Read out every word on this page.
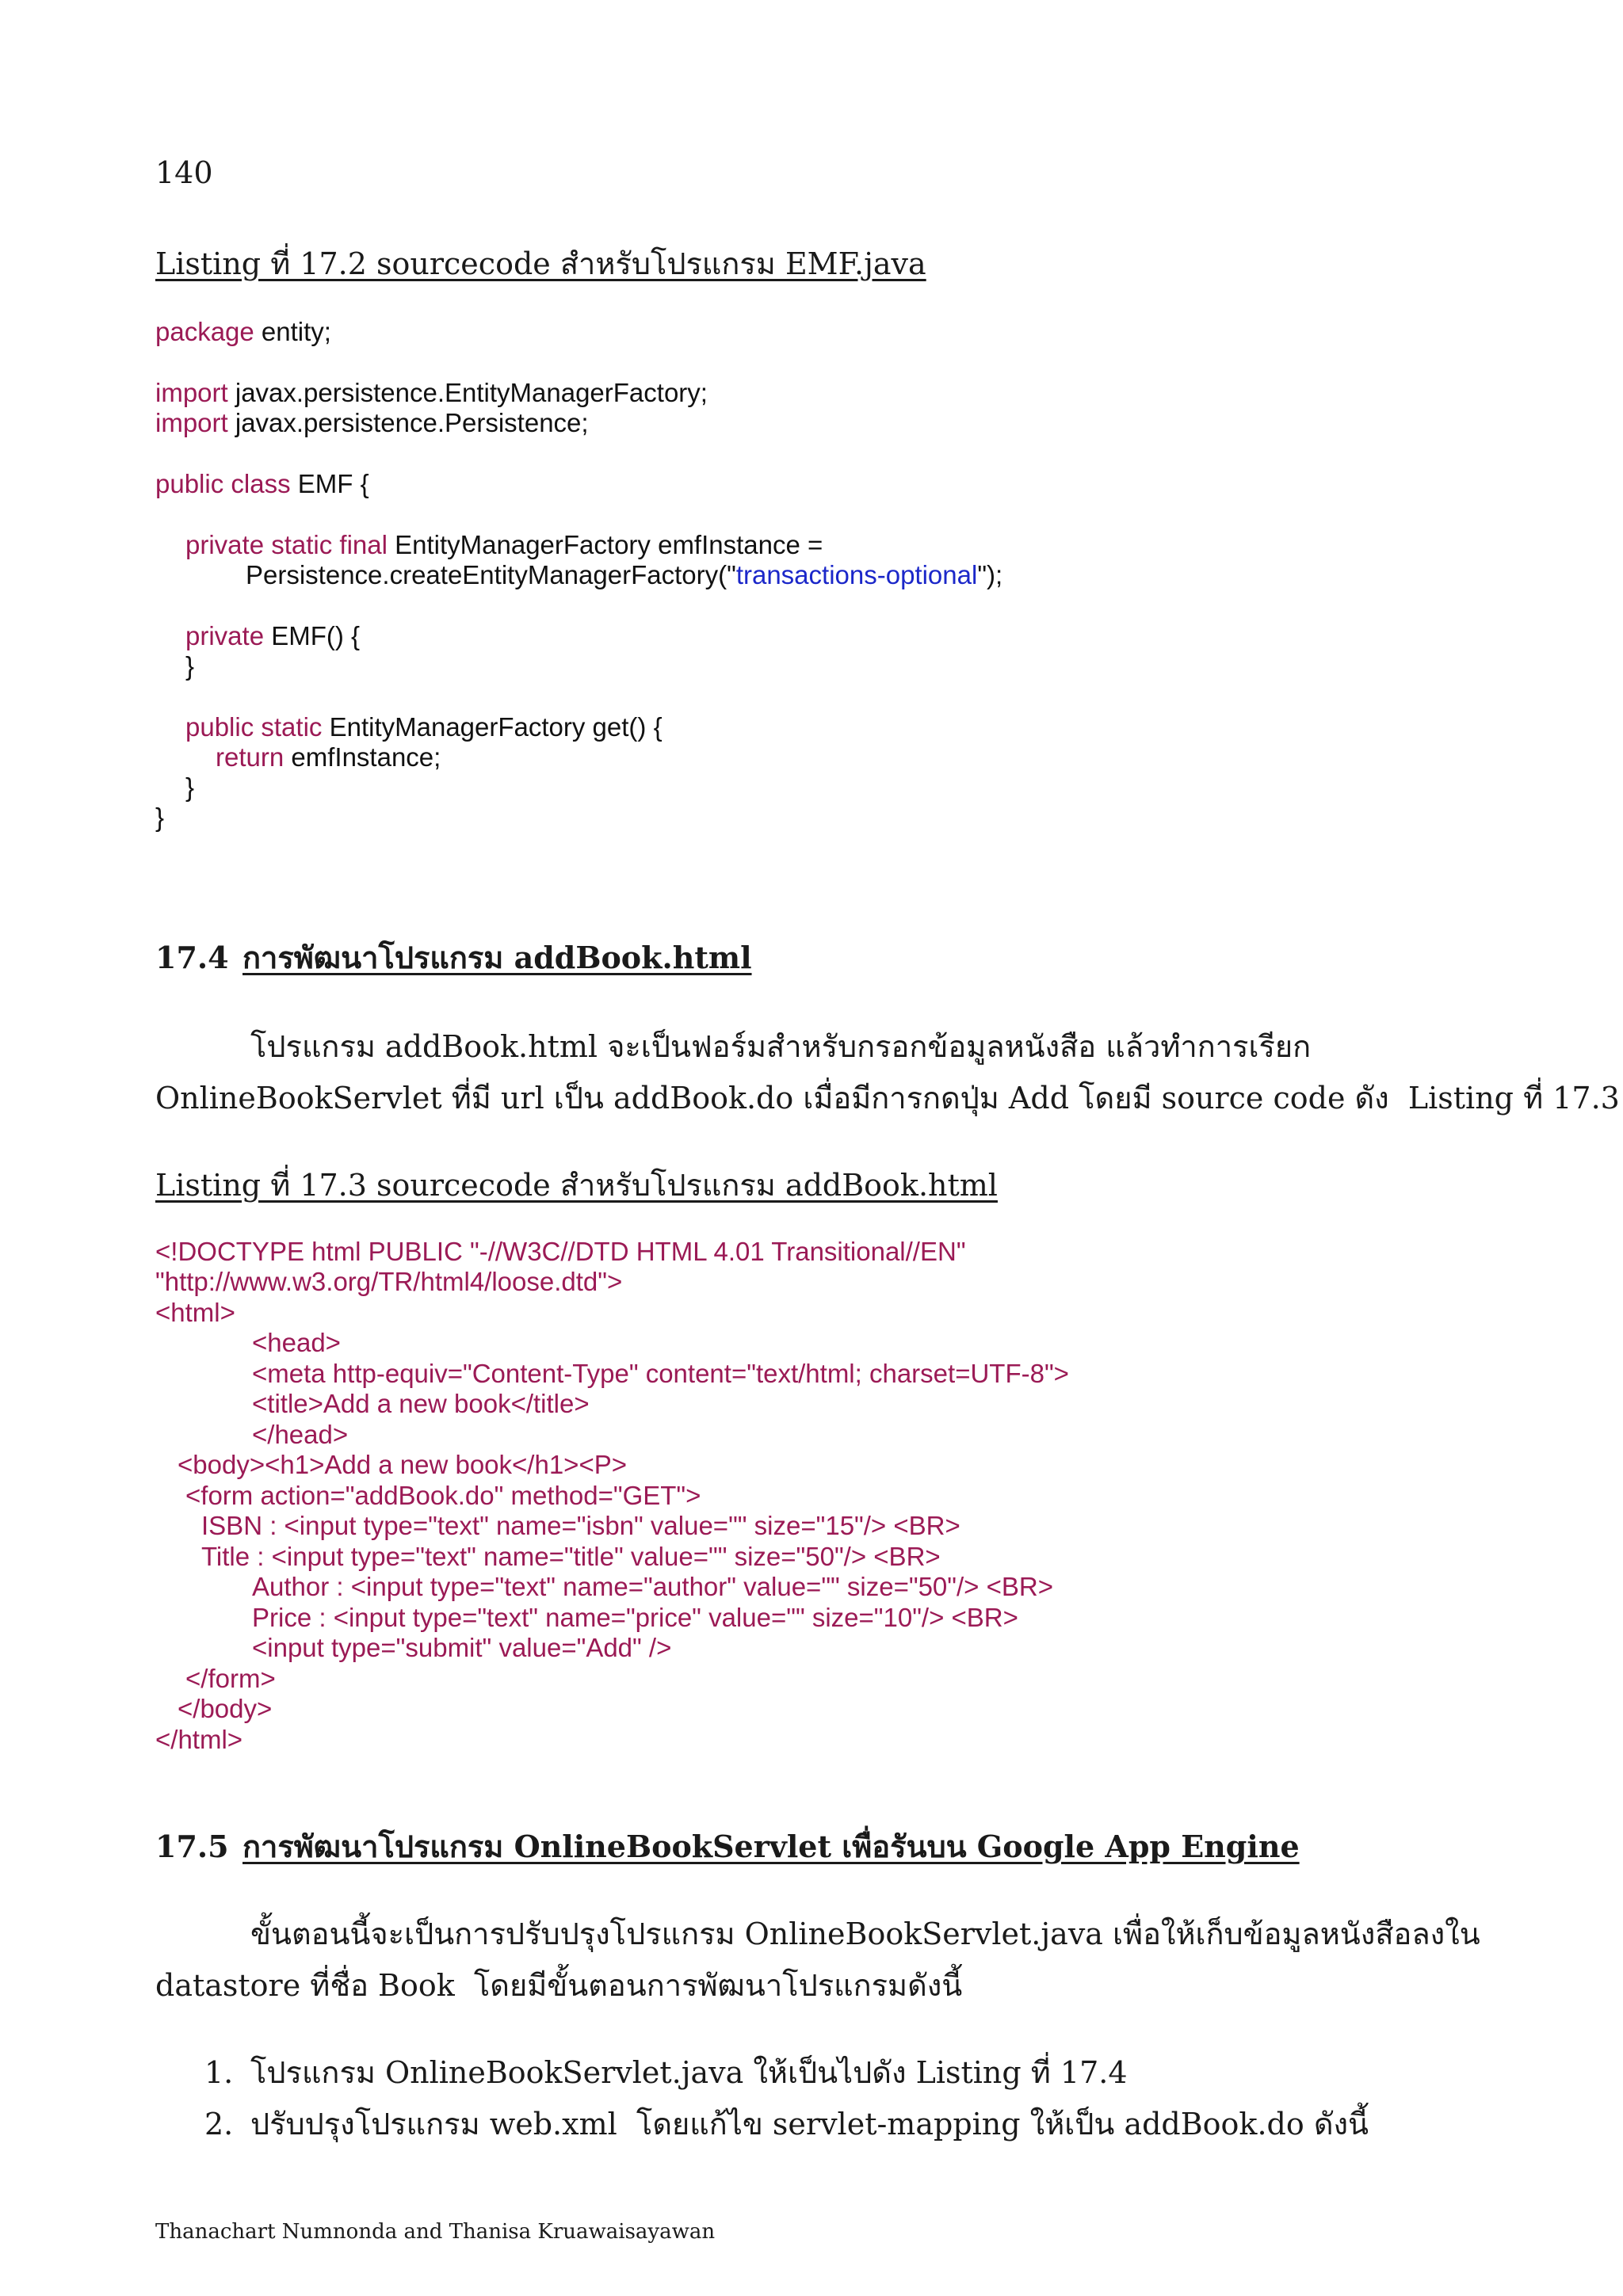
140
Listing ที่ 17.2 sourcecode สำหรับโปรแกรม EMF.java
package entity;
import javax.persistence.EntityManagerFactory;
import javax.persistence.Persistence;
public class EMF {
private static final EntityManagerFactory emfInstance =
Persistence.createEntityManagerFactory("transactions-optional");
private EMF() {
}
public static EntityManagerFactory get() {
return emfInstance;
}
}
17.4 การพัฒนาโปรแกรม addBook.html
โปรแกรม addBook.html จะเป็นฟอร์มสำหรับกรอกข้อมูลหนังสือ แล้วทำการเรียก
OnlineBookServlet ที่มี url เป็น addBook.do เมื่อมีการกดปุ่ม Add โดยมี source code ดัง  Listing ที่ 17.3
Listing ที่ 17.3 sourcecode สำหรับโปรแกรม addBook.html
<!DOCTYPE html PUBLIC "-//W3C//DTD HTML 4.01 Transitional//EN"
"http://www.w3.org/TR/html4/loose.dtd">
<html>
<head>
<meta http-equiv="Content-Type" content="text/html; charset=UTF-8">
<title>Add a new book</title>
</head>
<body><h1>Add a new book</h1><P>
<form action="addBook.do" method="GET">
ISBN : <input type="text" name="isbn" value="" size="15"/> <BR>
Title : <input type="text" name="title" value="" size="50"/> <BR>
Author : <input type="text" name="author" value="" size="50"/> <BR>
Price : <input type="text" name="price" value="" size="10"/> <BR>
<input type="submit" value="Add" />
</form>
</body>
</html>
17.5 การพัฒนาโปรแกรม OnlineBookServlet เพื่อรันบน Google App Engine
ขั้นตอนนี้จะเป็นการปรับปรุงโปรแกรม OnlineBookServlet.java เพื่อให้เก็บข้อมูลหนังสือลงใน
datastore ที่ชื่อ Book  โดยมีขั้นตอนการพัฒนาโปรแกรมดังนี้
1. โปรแกรม OnlineBookServlet.java ให้เป็นไปดัง Listing ที่ 17.4
2. ปรับปรุงโปรแกรม web.xml  โดยแก้ไข servlet-mapping ให้เป็น addBook.do ดังนี้
Thanachart Numnonda and Thanisa Kruawaisayawan
